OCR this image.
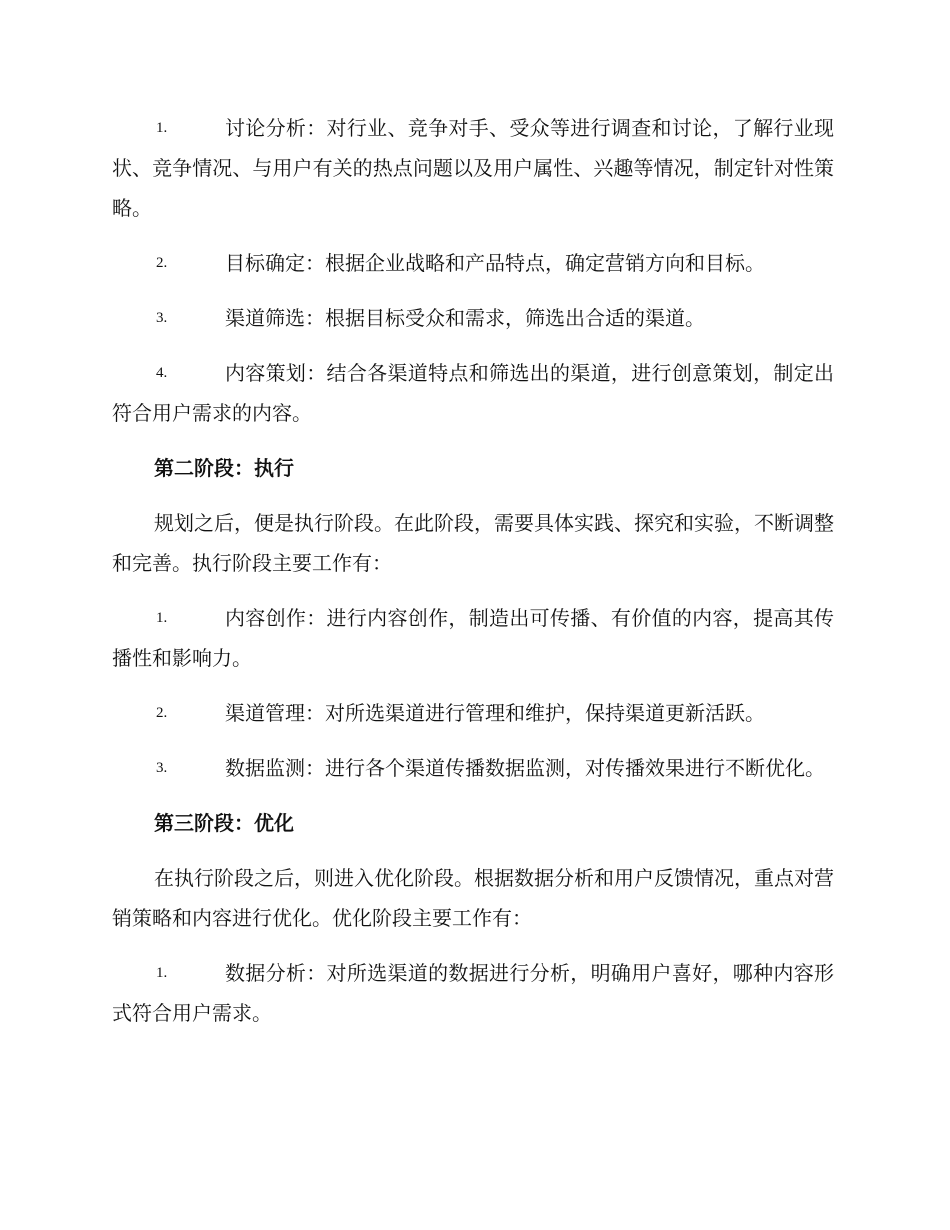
1.	讨论分析：对行业、竞争对手、受众等进行调查和讨论，了解行业现状、竞争情况、与用户有关的热点问题以及用户属性、兴趣等情况，制定针对性策略。

2.	目标确定：根据企业战略和产品特点，确定营销方向和目标。

3.	渠道筛选：根据目标受众和需求，筛选出合适的渠道。

4.	内容策划：结合各渠道特点和筛选出的渠道，进行创意策划，制定出符合用户需求的内容。

第二阶段：执行

规划之后，便是执行阶段。在此阶段，需要具体实践、探究和实验，不断调整和完善。执行阶段主要工作有：

1.	内容创作：进行内容创作，制造出可传播、有价值的内容，提高其传播性和影响力。

2.	渠道管理：对所选渠道进行管理和维护，保持渠道更新活跃。

3.	数据监测：进行各个渠道传播数据监测，对传播效果进行不断优化。

第三阶段：优化

在执行阶段之后，则进入优化阶段。根据数据分析和用户反馈情况，重点对营销策略和内容进行优化。优化阶段主要工作有：

1.	数据分析：对所选渠道的数据进行分析，明确用户喜好，哪种内容形式符合用户需求。
